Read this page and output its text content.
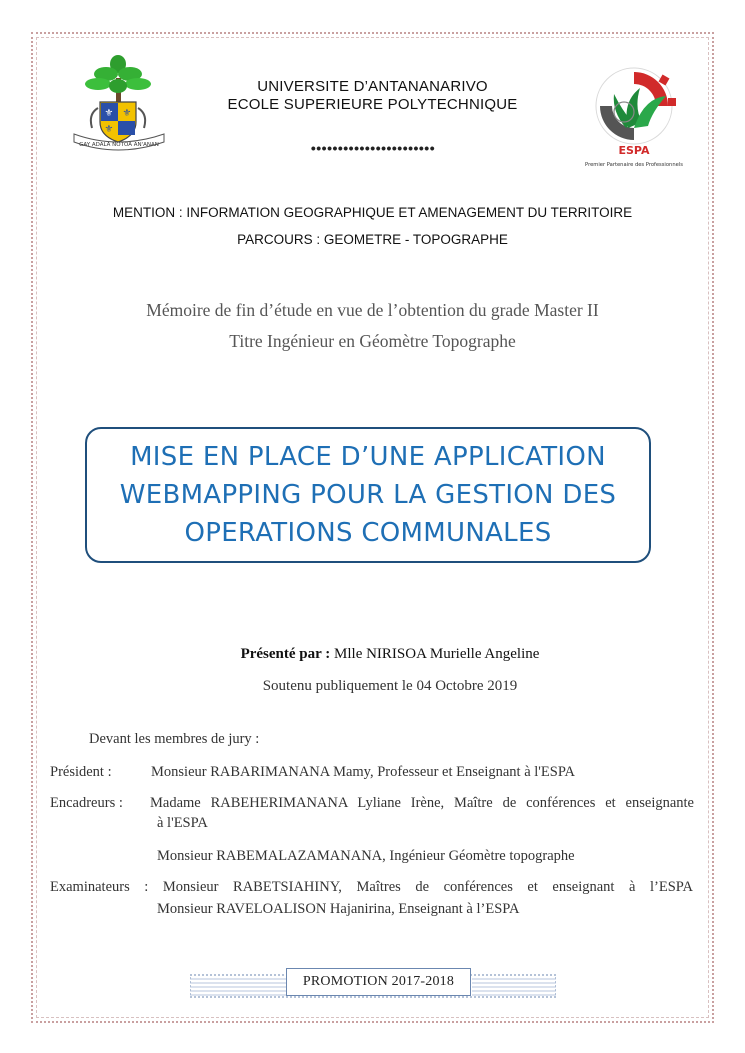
⚜ ⚜
⚜
GAY ADALA NOTOA AN'ANAN	ESPA
Premier Partenaire des Professionnels
UNIVERSITE D’ANTANANARIVO
ECOLE SUPERIEURE POLYTECHNIQUE
•••••••••••••••••••••••
MENTION : INFORMATION GEOGRAPHIQUE ET AMENAGEMENT DU TERRITOIRE
PARCOURS : GEOMETRE - TOPOGRAPHE
Mémoire de fin d’étude en vue de l’obtention du grade Master II
Titre Ingénieur en Géomètre Topographe
MISE EN PLACE D’UNE APPLICATION
WEBMAPPING POUR LA GESTION DES
OPERATIONS COMMUNALES
Présenté par : Mlle NIRISOA Murielle Angeline
Soutenu publiquement le 04 Octobre 2019
Devant les membres de jury :
Président :	Monsieur RABARIMANANA Mamy, Professeur et Enseignant à l'ESPA
Encadreurs : Madame RABEHERIMANANA Lyliane Irène, Maître de conférences et enseignante
à l'ESPA
Monsieur RABEMALAZAMANANA, Ingénieur Géomètre topographe
Examinateurs : Monsieur RABETSIAHINY, Maîtres de conférences et enseignant à l’ESPA
Monsieur RAVELOALISON Hajanirina, Enseignant à l’ESPA
PROMOTION 2017-2018
